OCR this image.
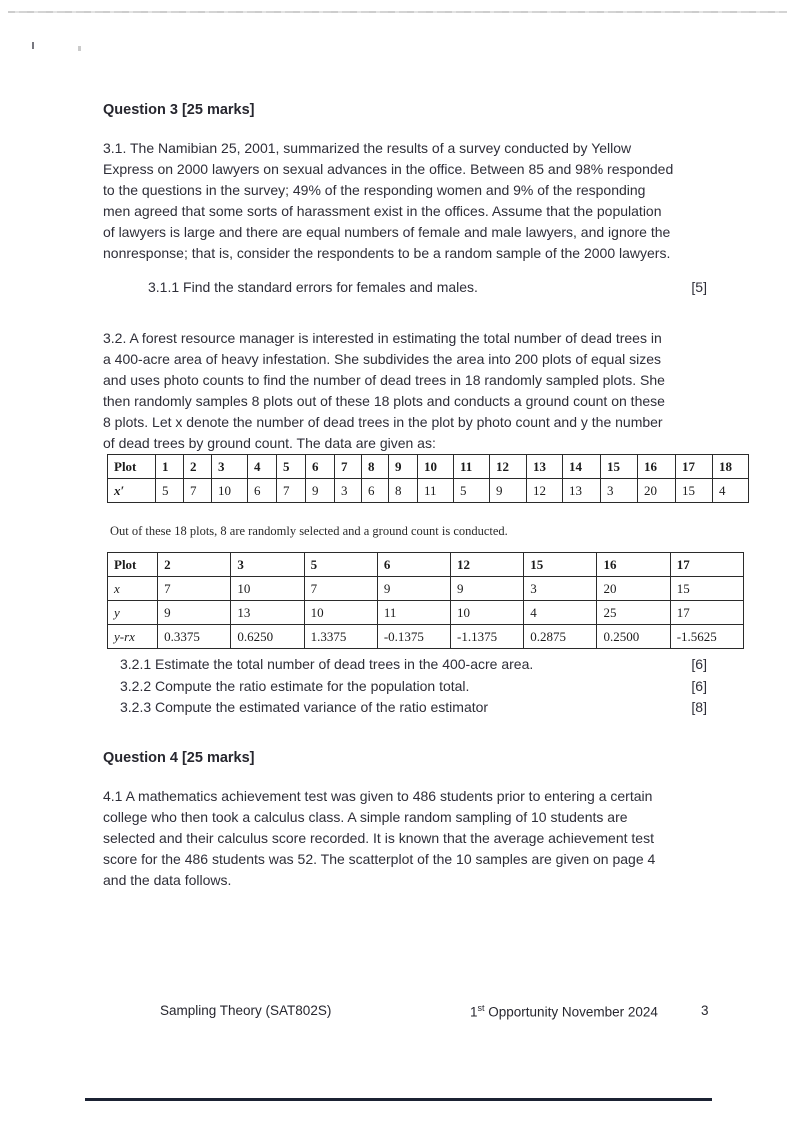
Question 3 [25 marks]
3.1. The Namibian 25, 2001, summarized the results of a survey conducted by Yellow
Express on 2000 lawyers on sexual advances in the office. Between 85 and 98% responded
to the questions in the survey; 49% of the responding women and 9% of the responding
men agreed that some sorts of harassment exist in the offices. Assume that the population
of lawyers is large and there are equal numbers of female and male lawyers, and ignore the
nonresponse; that is, consider the respondents to be a random sample of the 2000 lawyers.
3.1.1 Find the standard errors for females and males.	[5]
3.2. A forest resource manager is interested in estimating the total number of dead trees in
a 400-acre area of heavy infestation. She subdivides the area into 200 plots of equal sizes
and uses photo counts to find the number of dead trees in 18 randomly sampled plots. She
then randomly samples 8 plots out of these 18 plots and conducts a ground count on these
8 plots. Let x denote the number of dead trees in the plot by photo count and y the number
of dead trees by ground count. The data are given as:
Plot	1	2	3	4	5	6	7	8	9	10	11	12	13	14	15	16	17	18
x′	5	7	10	6	7	9	3	6	8	11	5	9	12	13	3	20	15	4
Out of these 18 plots, 8 are randomly selected and a ground count is conducted.
Plot	2	3	5	6	12	15	16	17
x	7	10	7	9	9	3	20	15
y	9	13	10	11	10	4	25	17
y-rx	0.3375	0.6250	1.3375	-0.1375	-1.1375	0.2875	0.2500	-1.5625
3.2.1 Estimate the total number of dead trees in the 400-acre area.	[6]
3.2.2 Compute the ratio estimate for the population total.	[6]
3.2.3 Compute the estimated variance of the ratio estimator	[8]
Question 4 [25 marks]
4.1 A mathematics achievement test was given to 486 students prior to entering a certain
college who then took a calculus class. A simple random sampling of 10 students are
selected and their calculus score recorded. It is known that the average achievement test
score for the 486 students was 52. The scatterplot of the 10 samples are given on page 4
and the data follows.
Sampling Theory (SAT802S)	1st Opportunity November 2024	3
